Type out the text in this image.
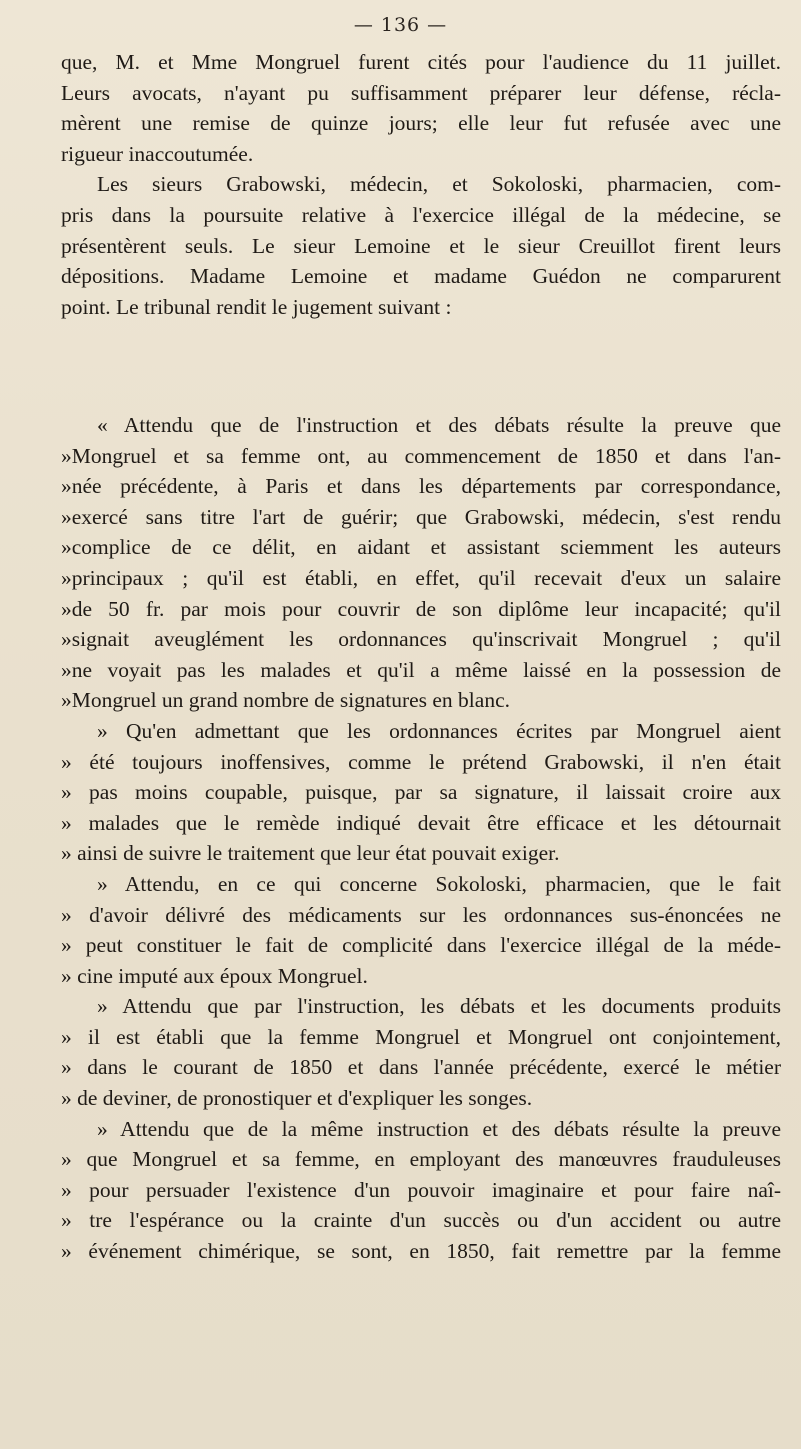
— 136 —
que, M. et Mme Mongruel furent cités pour l'audience du 11 juillet.
Leurs avocats, n'ayant pu suffisamment préparer leur défense, récla-
mèrent une remise de quinze jours; elle leur fut refusée avec une
rigueur inaccoutumée.
Les sieurs Grabowski, médecin, et Sokoloski, pharmacien, com-
pris dans la poursuite relative à l'exercice illégal de la médecine, se
présentèrent seuls. Le sieur Lemoine et le sieur Creuillot firent leurs
dépositions. Madame Lemoine et madame Guédon ne comparurent
point. Le tribunal rendit le jugement suivant :
« Attendu que de l'instruction et des débats résulte la preuve que
»Mongruel et sa femme ont, au commencement de 1850 et dans l'an-
»née précédente, à Paris et dans les départements par correspondance,
»exercé sans titre l'art de guérir; que Grabowski, médecin, s'est rendu
»complice de ce délit, en aidant et assistant sciemment les auteurs
»principaux ; qu'il est établi, en effet, qu'il recevait d'eux un salaire
»de 50 fr. par mois pour couvrir de son diplôme leur incapacité; qu'il
»signait aveuglément les ordonnances qu'inscrivait Mongruel ; qu'il
»ne voyait pas les malades et qu'il a même laissé en la possession de
»Mongruel un grand nombre de signatures en blanc.
» Qu'en admettant que les ordonnances écrites par Mongruel aient
» été toujours inoffensives, comme le prétend Grabowski, il n'en était
» pas moins coupable, puisque, par sa signature, il laissait croire aux
» malades que le remède indiqué devait être efficace et les détournait
» ainsi de suivre le traitement que leur état pouvait exiger.
» Attendu, en ce qui concerne Sokoloski, pharmacien, que le fait
» d'avoir délivré des médicaments sur les ordonnances sus-énoncées ne
» peut constituer le fait de complicité dans l'exercice illégal de la méde-
» cine imputé aux époux Mongruel.
» Attendu que par l'instruction, les débats et les documents produits
» il est établi que la femme Mongruel et Mongruel ont conjointement,
» dans le courant de 1850 et dans l'année précédente, exercé le métier
» de deviner, de pronostiquer et d'expliquer les songes.
» Attendu que de la même instruction et des débats résulte la preuve
» que Mongruel et sa femme, en employant des manœuvres frauduleuses
» pour persuader l'existence d'un pouvoir imaginaire et pour faire naî-
» tre l'espérance ou la crainte d'un succès ou d'un accident ou autre
» événement chimérique, se sont, en 1850, fait remettre par la femme
